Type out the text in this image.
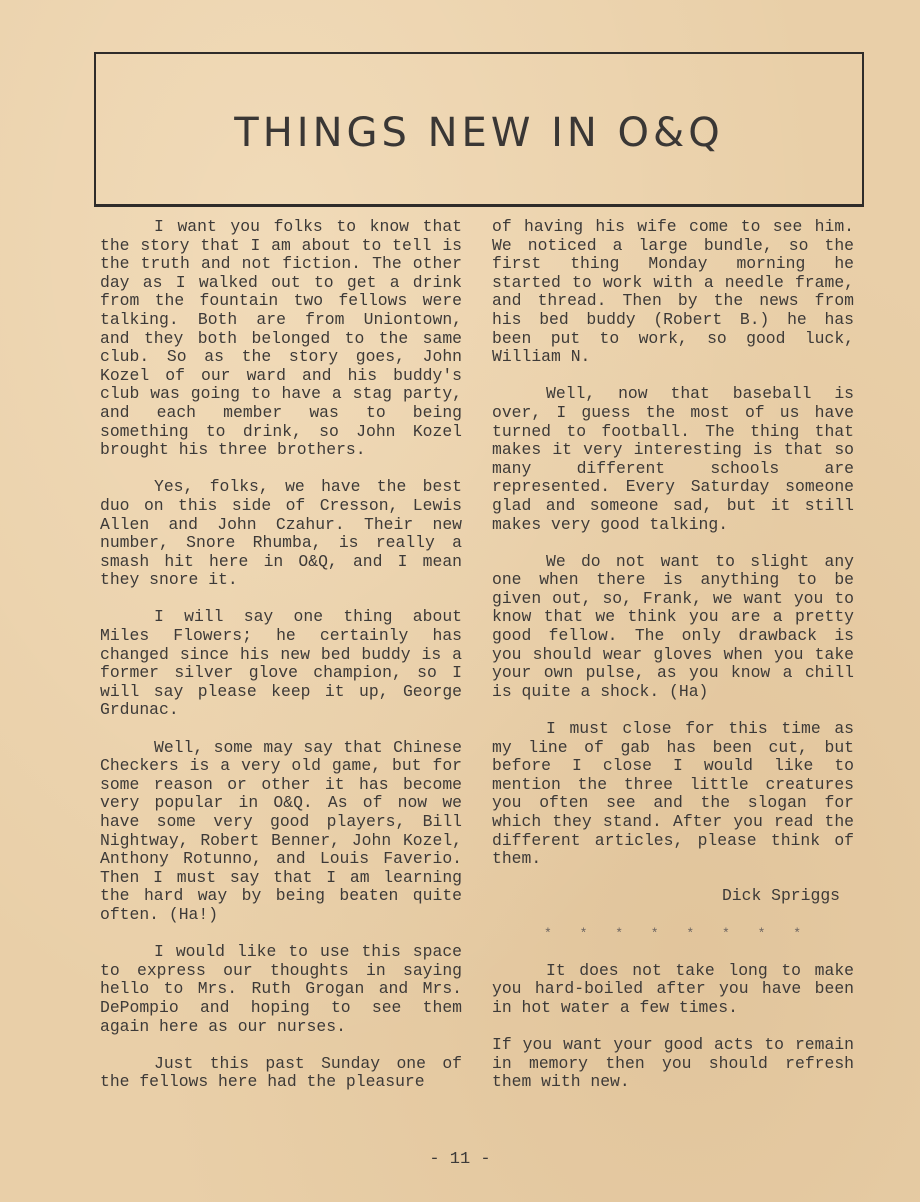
THINGS NEW IN O&Q

I want you folks to know that the story that I am about to tell is the truth and not fiction. The other day as I walked out to get a drink from the fountain two fellows were talking. Both are from Uniontown, and they both belonged to the same club. So as the story goes, John Kozel of our ward and his buddy's club was going to have a stag party, and each member was to being something to drink, so John Kozel brought his three brothers.

Yes, folks, we have the best duo on this side of Cresson, Lewis Allen and John Czahur. Their new number, Snore Rhumba, is really a smash hit here in O&Q, and I mean they snore it.

I will say one thing about Miles Flowers; he certainly has changed since his new bed buddy is a former silver glove champion, so I will say please keep it up, George Grdunac.

Well, some may say that Chinese Checkers is a very old game, but for some reason or other it has become very popular in O&Q. As of now we have some very good players, Bill Nightway, Robert Benner, John Kozel, Anthony Rotunno, and Louis Faverio. Then I must say that I am learning the hard way by being beaten quite often. (Ha!)

I would like to use this space to express our thoughts in saying hello to Mrs. Ruth Grogan and Mrs. DePompio and hoping to see them again here as our nurses.

Just this past Sunday one of the fellows here had the pleasure

of having his wife come to see him. We noticed a large bundle, so the first thing Monday morning he started to work with a needle frame, and thread. Then by the news from his bed buddy (Robert B.) he has been put to work, so good luck, William N.

Well, now that baseball is over, I guess the most of us have turned to football. The thing that makes it very interesting is that so many different schools are represented. Every Saturday someone glad and someone sad, but it still makes very good talking.

We do not want to slight any one when there is anything to be given out, so, Frank, we want you to know that we think you are a pretty good fellow. The only drawback is you should wear gloves when you take your own pulse, as you know a chill is quite a shock. (Ha)

I must close for this time as my line of gab has been cut, but before I close I would like to mention the three little creatures you often see and the slogan for which they stand. After you read the different articles, please think of them.

Dick Spriggs

* * * * * * * *

It does not take long to make you hard-boiled after you have been in hot water a few times.

If you want your good acts to remain in memory then you should refresh them with new.

- 11 -
